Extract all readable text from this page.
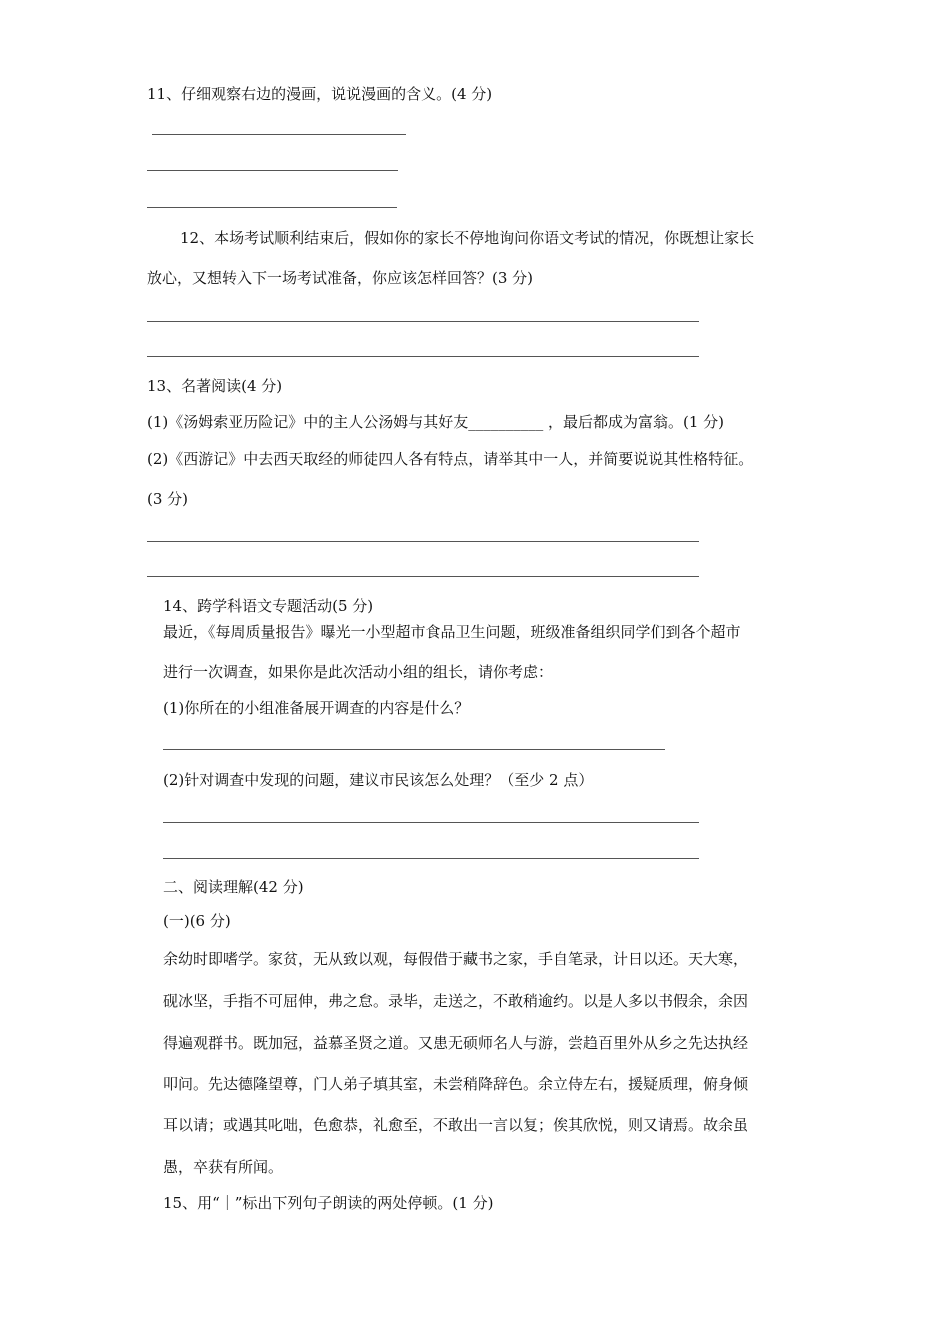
11、仔细观察右边的漫画，说说漫画的含义。(4 分)
12、本场考试顺利结束后，假如你的家长不停地询问你语文考试的情况，你既想让家长
放心，又想转入下一场考试准备，你应该怎样回答？(3 分)
13、名著阅读(4 分)
(1)《汤姆索亚历险记》中的主人公汤姆与其好友__________ ，最后都成为富翁。(1 分)
(2)《西游记》中去西天取经的师徒四人各有特点，请举其中一人，并简要说说其性格特征。
(3 分)
14、跨学科语文专题活动(5 分)
最近，《每周质量报告》曝光一小型超市食品卫生问题，班级准备组织同学们到各个超市
进行一次调查，如果你是此次活动小组的组长，请你考虑：
(1)你所在的小组准备展开调查的内容是什么？
(2)针对调查中发现的问题，建议市民该怎么处理？（至少 2 点）
二、阅读理解(42 分)
(一)(6 分)
余幼时即嗜学。家贫，无从致以观，每假借于藏书之家，手自笔录，计日以还。天大寒，
砚冰坚，手指不可屈伸，弗之怠。录毕，走送之，不敢稍逾约。以是人多以书假余，余因
得遍观群书。既加冠，益慕圣贤之道。又患无硕师名人与游，尝趋百里外从乡之先达执经
叩问。先达德隆望尊，门人弟子填其室，未尝稍降辞色。余立侍左右，援疑质理，俯身倾
耳以请；或遇其叱咄，色愈恭，礼愈至，不敢出一言以复；俟其欣悦，则又请焉。故余虽
愚，卒获有所闻。
15、用“｜”标出下列句子朗读的两处停顿。(1 分)
